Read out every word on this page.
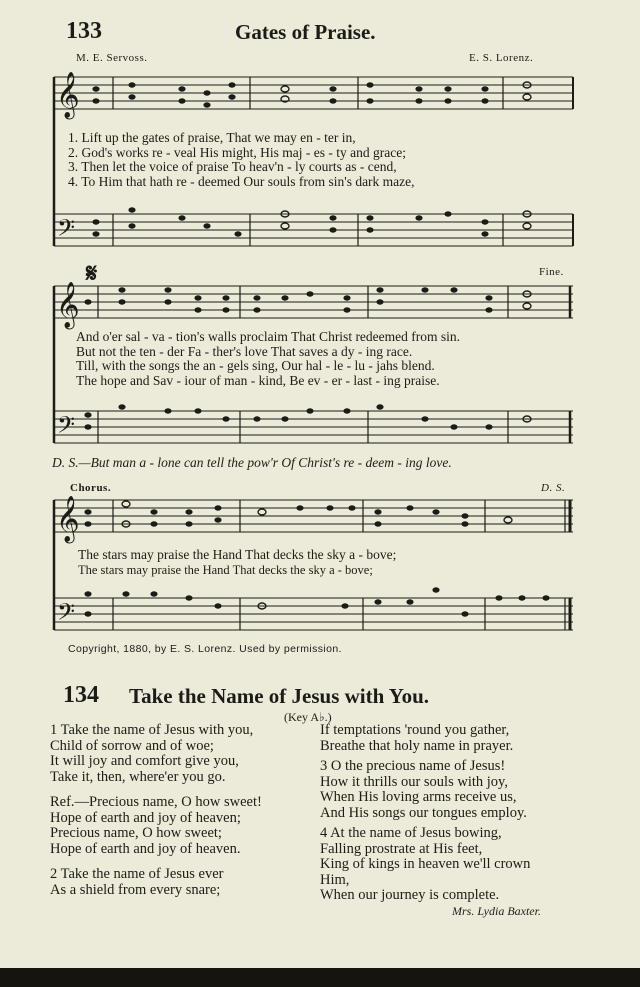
133	Gates of Praise.
M. E. Servoss.	E. S. Lorenz.
𝄞
𝄞
𝄞
𝄢
𝄢
𝄢
𝄋
1. Lift up the gates of praise, That we may en - ter in,
2. God's works re - veal His might, His maj - es - ty and grace;
3. Then let the voice of praise To heav'n - ly courts as - cend,
4. To Him that hath re - deemed Our souls from sin's dark maze,
Fine.
And o'er sal - va - tion's walls proclaim That Christ redeemed from sin.
But not the ten - der Fa - ther's love That saves a dy - ing race.
Till, with the songs the an - gels sing, Our hal - le - lu - jahs blend.
The hope and Sav - iour of man - kind, Be ev - er - last - ing praise.
D. S.—But man a - lone can tell the pow'r Of Christ's re - deem - ing love.
Chorus.	D. S.
The stars may praise the Hand That decks the sky a - bove;
The stars may praise the Hand That decks the sky a - bove;
Copyright, 1880, by E. S. Lorenz. Used by permission.
134 Take the Name of Jesus with You.
(Key A♭.)
1 Take the name of Jesus with you,
Child of sorrow and of woe;
It will joy and comfort give you,
Take it, then, where'er you go.
Ref.—Precious name, O how sweet!
Hope of earth and joy of heaven;
Precious name, O how sweet;
Hope of earth and joy of heaven.
2 Take the name of Jesus ever
As a shield from every snare;
If temptations 'round you gather,
Breathe that holy name in prayer.
3 O the precious name of Jesus!
How it thrills our souls with joy,
When His loving arms receive us,
And His songs our tongues employ.
4 At the name of Jesus bowing,
Falling prostrate at His feet,
King of kings in heaven we'll crown
Him,
When our journey is complete.
Mrs. Lydia Baxter.
